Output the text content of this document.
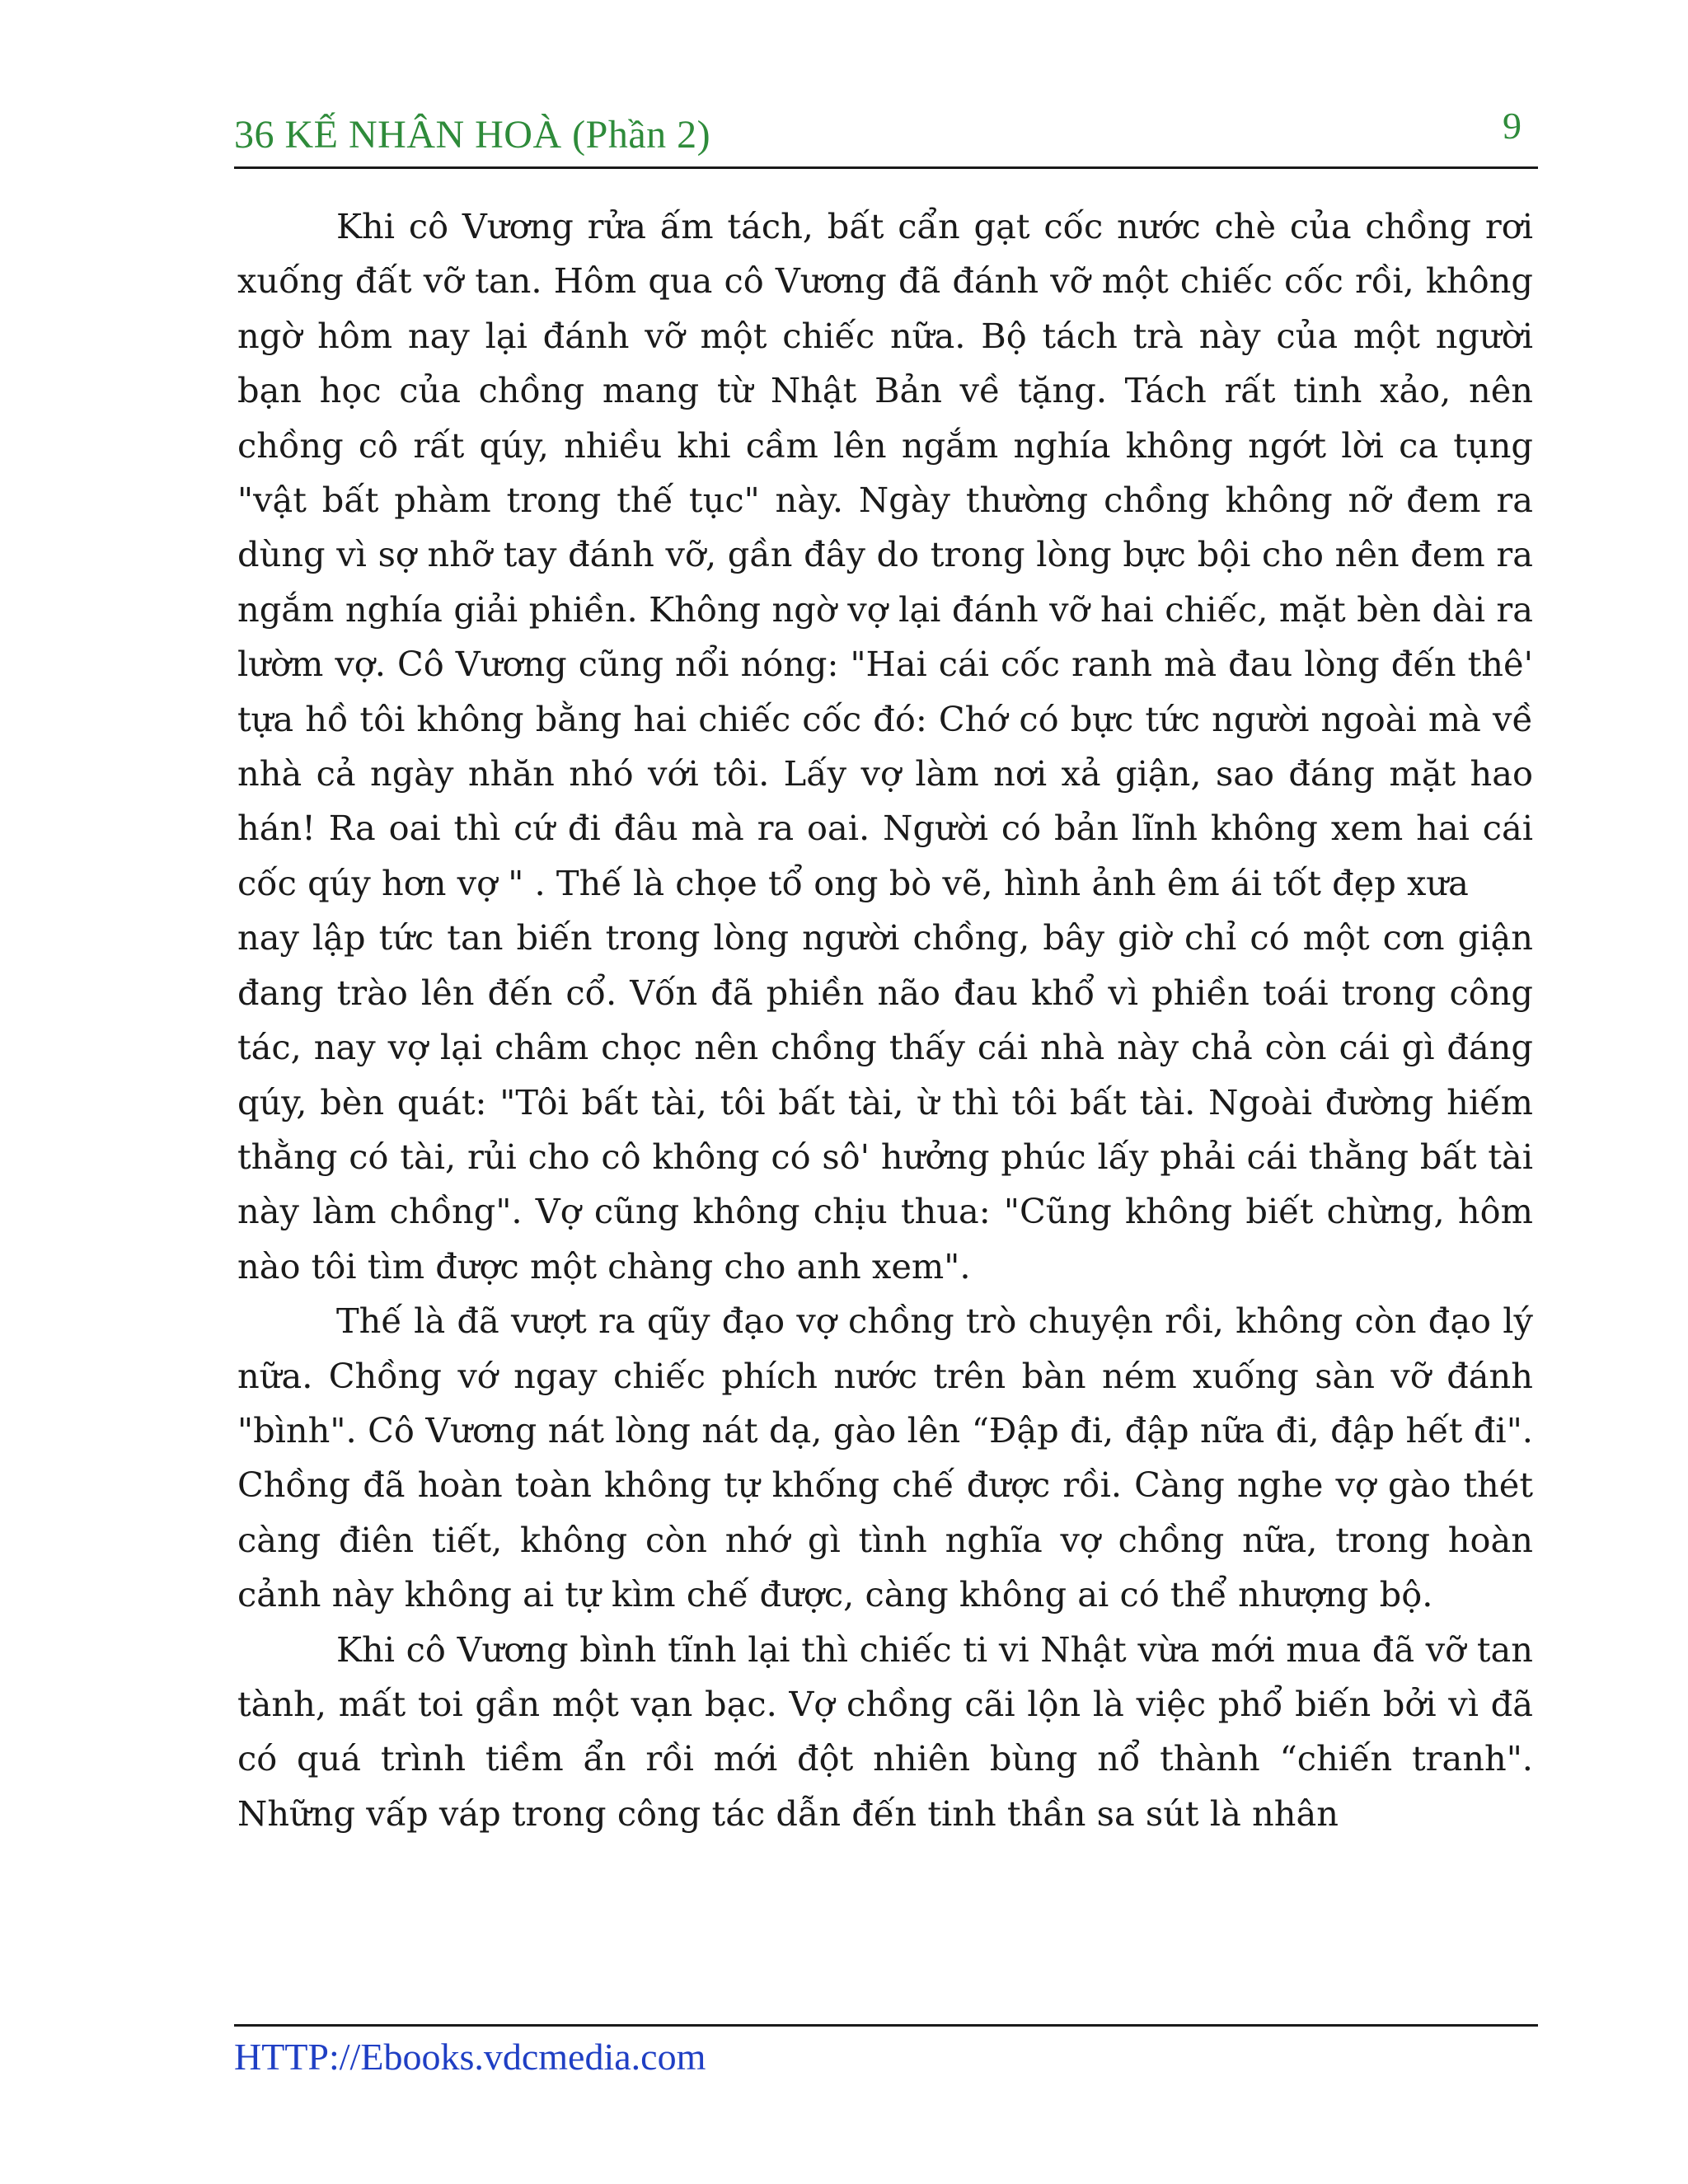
36 KẾ NHÂN HOÀ (Phần 2)	9

Khi cô Vương rửa ấm tách, bất cẩn gạt cốc nước chè của chồng rơi xuống đất vỡ tan. Hôm qua cô Vương đã đánh vỡ một chiếc cốc rồi, không ngờ hôm nay lại đánh vỡ một chiếc nữa. Bộ tách trà này của một người bạn học của chồng mang từ Nhật Bản về tặng. Tách rất tinh xảo, nên chồng cô rất qúy, nhiều khi cầm lên ngắm nghía không ngớt lời ca tụng "vật bất phàm trong thế tục" này. Ngày thường chồng không nỡ đem ra dùng vì sợ nhỡ tay đánh vỡ, gần đây do trong lòng bực bội cho nên đem ra ngắm nghía giải phiền. Không ngờ vợ lại đánh vỡ hai chiếc, mặt bèn dài ra lườm vợ. Cô Vương cũng nổi nóng: "Hai cái cốc ranh mà đau lòng đến thê' tựa hồ tôi không bằng hai chiếc cốc đó: Chớ có bực tức người ngoài mà về nhà cả ngày nhăn nhó với tôi. Lấy vợ làm nơi xả giận, sao đáng mặt hao hán! Ra oai thì cứ đi đâu mà ra oai. Người có bản lĩnh không xem hai cái cốc qúy hơn vợ " . Thế là chọe tổ ong bò vẽ, hình ảnh êm ái tốt đẹp xưa

nay lập tức tan biến trong lòng người chồng, bây giờ chỉ có một cơn giận đang trào lên đến cổ. Vốn đã phiền não đau khổ vì phiền toái trong công tác, nay vợ lại châm chọc nên chồng thấy cái nhà này chả còn cái gì đáng qúy, bèn quát: "Tôi bất tài, tôi bất tài, ừ thì tôi bất tài. Ngoài đường hiếm thằng có tài, rủi cho cô không có sô' hưởng phúc lấy phải cái thằng bất tài này làm chồng". Vợ cũng không chịu thua: "Cũng không biết chừng, hôm nào tôi tìm được một chàng cho anh xem".

Thế là đã vượt ra qũy đạo vợ chồng trò chuyện rồi, không còn đạo lý nữa. Chồng vớ ngay chiếc phích nước trên bàn ném xuống sàn vỡ đánh "bình". Cô Vương nát lòng nát dạ, gào lên “Đập đi, đập nữa đi, đập hết đi". Chồng đã hoàn toàn không tự khống chế được rồi. Càng nghe vợ gào thét càng điên tiết, không còn nhớ gì tình nghĩa vợ chồng nữa, trong hoàn cảnh này không ai tự kìm chế được, càng không ai có thể nhượng bộ.

Khi cô Vương bình tĩnh lại thì chiếc ti vi Nhật vừa mới mua đã vỡ tan tành, mất toi gần một vạn bạc. Vợ chồng cãi lộn là việc phổ biến bởi vì đã có quá trình tiềm ẩn rồi mới đột nhiên bùng nổ thành “chiến tranh". Những vấp váp trong công tác dẫn đến tinh thần sa sút là nhân

HTTP://Ebooks.vdcmedia.com
